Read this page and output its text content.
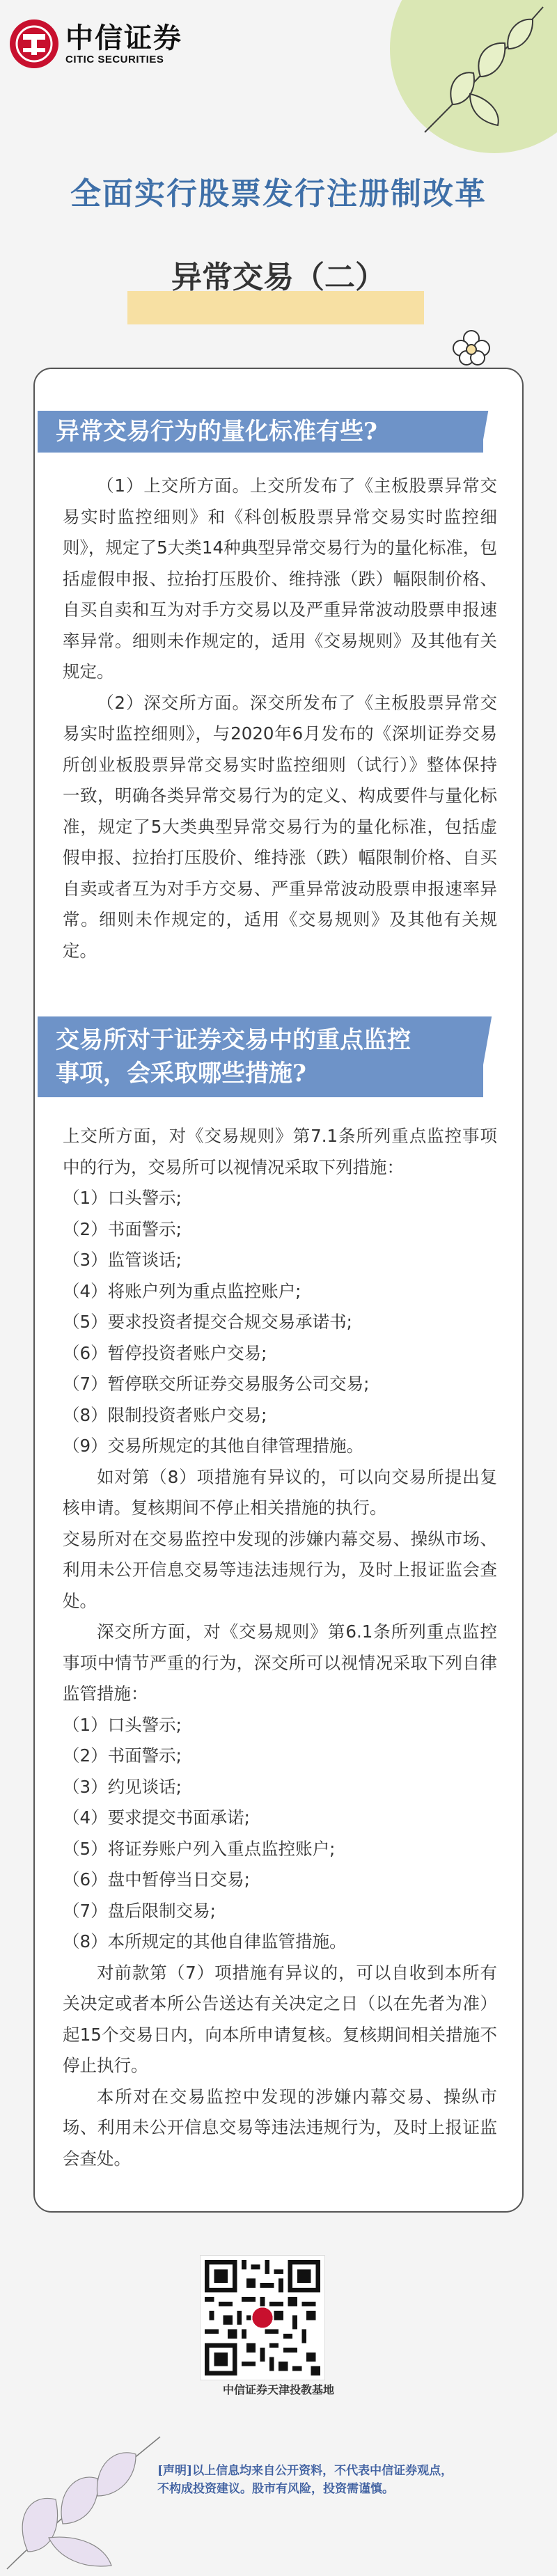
中信证券
CITIC SECURITIES
全面实行股票发行注册制改革
异常交易（二）
异常交易行为的量化标准有些?

（1）上交所方面。上交所发布了《主板股票异常交易实时监控细则》和《科创板股票异常交易实时监控细则》，规定了5大类14种典型异常交易行为的量化标准，包括虚假申报、拉抬打压股价、维持涨（跌）幅限制价格、自买自卖和互为对手方交易以及严重异常波动股票申报速率异常。细则未作规定的，适用《交易规则》及其他有关规定。

（2）深交所方面。深交所发布了《主板股票异常交易实时监控细则》，与2020年6月发布的《深圳证券交易所创业板股票异常交易实时监控细则（试行）》整体保持一致，明确各类异常交易行为的定义、构成要件与量化标准，规定了5大类典型异常交易行为的量化标准，包括虚假申报、拉抬打压股价、维持涨（跌）幅限制价格、自买自卖或者互为对手方交易、严重异常波动股票申报速率异常。细则未作规定的，适用《交易规则》及其他有关规定。

交易所对于证券交易中的重点监控
事项，会采取哪些措施?

上交所方面，对《交易规则》第7.1条所列重点监控事项中的行为，交易所可以视情况采取下列措施：

（1）口头警示;

（2）书面警示;

（3）监管谈话;

（4）将账户列为重点监控账户;

（5）要求投资者提交合规交易承诺书;

（6）暂停投资者账户交易;

（7）暂停联交所证券交易服务公司交易;

（8）限制投资者账户交易;

（9）交易所规定的其他自律管理措施。

如对第（8）项措施有异议的，可以向交易所提出复核申请。复核期间不停止相关措施的执行。

交易所对在交易监控中发现的涉嫌内幕交易、操纵市场、利用未公开信息交易等违法违规行为，及时上报证监会查处。

深交所方面，对《交易规则》第6.1条所列重点监控事项中情节严重的行为，深交所可以视情况采取下列自律监管措施：

（1）口头警示;

（2）书面警示;

（3）约见谈话;

（4）要求提交书面承诺;

（5）将证券账户列入重点监控账户;

（6）盘中暂停当日交易;

（7）盘后限制交易;

（8）本所规定的其他自律监管措施。

对前款第（7）项措施有异议的，可以自收到本所有关决定或者本所公告送达有关决定之日（以在先者为准）起15个交易日内，向本所申请复核。复核期间相关措施不停止执行。

本所对在交易监控中发现的涉嫌内幕交易、操纵市场、利用未公开信息交易等违法违规行为，及时上报证监会查处。

中信证券天津投教基地
[声明]以上信息均来自公开资料，不代表中信证券观点，不构成投资建议。股市有风险，投资需谨慎。
